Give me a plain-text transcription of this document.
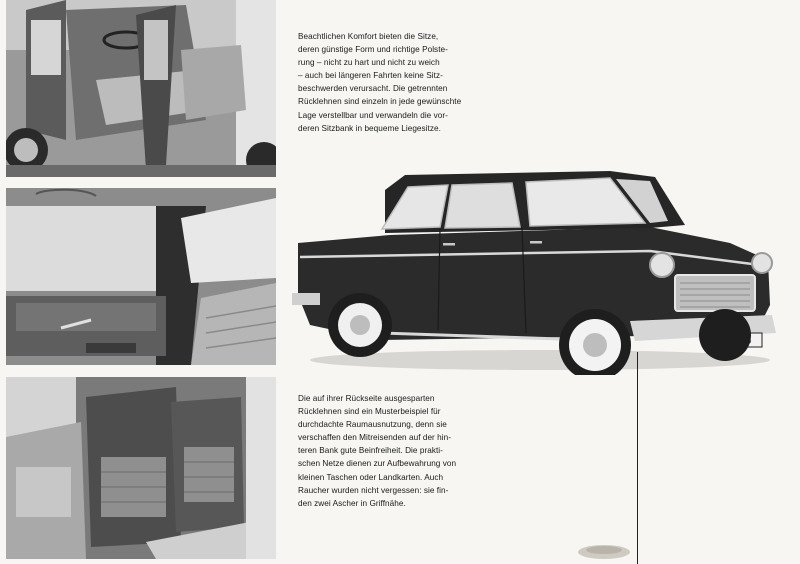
Beachtlichen Komfort bieten die Sitze,
deren günstige Form und richtige Polste-
rung – nicht zu hart und nicht zu weich
– auch bei längeren Fahrten keine Sitz-
beschwerden verursacht. Die getrennten
Rücklehnen sind einzeln in jede gewünschte
Lage verstellbar und verwandeln die vor-
deren Sitzbank in bequeme Liegesitze.

Die auf ihrer Rückseite ausgesparten
Rücklehnen sind ein Musterbeispiel für
durchdachte Raumausnutzung, denn sie
verschaffen den Mitreisenden auf der hin-
teren Bank gute Beinfreiheit. Die prakti-
schen Netze dienen zur Aufbewahrung von
kleinen Taschen oder Landkarten. Auch
Raucher wurden nicht vergessen: sie fin-
den zwei Ascher in Griffnähe.
